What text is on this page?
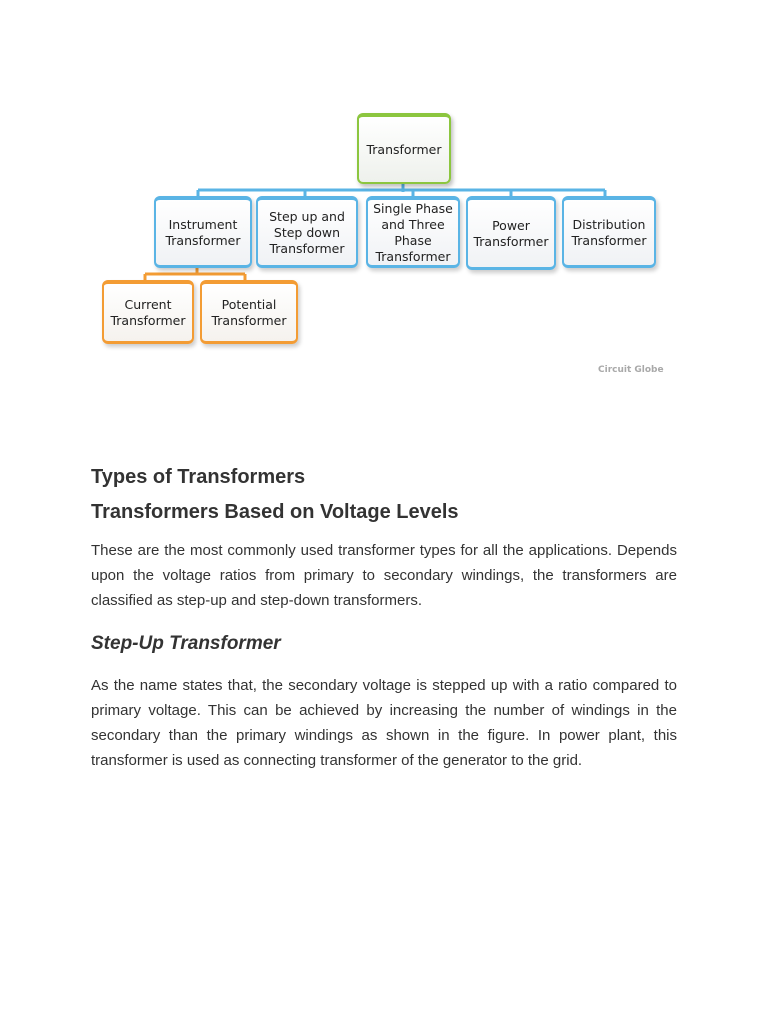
Transformer
Instrument
Transformer
Step up and
Step down
Transformer
Single Phase
and Three
Phase
Transformer
Power
Transformer
Distribution
Transformer
Current
Transformer
Potential
Transformer
Circuit Globe
Types of Transformers
Transformers Based on Voltage Levels

These are the most commonly used transformer types for all the applications. Depends upon the voltage ratios from primary to secondary windings, the transformers are classified as step-up and step-down transformers.

Step-Up Transformer

As the name states that, the secondary voltage is stepped up with a ratio compared to primary voltage. This can be achieved by increasing the number of windings in the secondary than the primary windings as shown in the figure. In power plant, this transformer is used as connecting transformer of the generator to the grid.
